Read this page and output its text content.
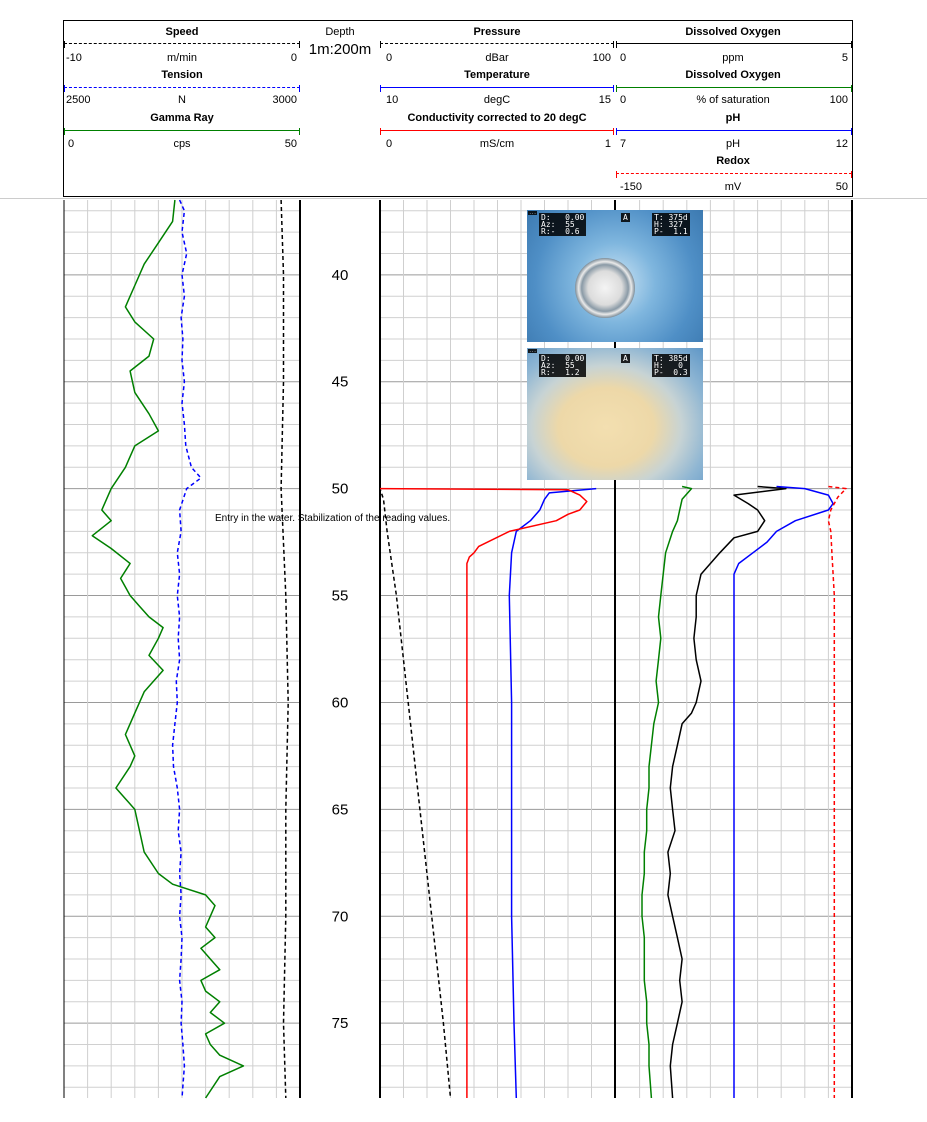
40
45
50
55
60
65
70
75
Speed
-10	m/min	0
Tension
2500	N	3000
Gamma Ray
0	cps	50
Depth
1m:200m
Pressure
0	dBar	100
Temperature
10	degC	15
Conductivity corrected to 20 degC
0	mS/cm	1
Dissolved Oxygen
0	ppm	5
Dissolved Oxygen
0	% of saturation	100
pH
7	pH	12
Redox
-150	mV	50
D:   0.00
Az:  55
R:-  0.6
A	T: 375d
H: 327
P-  1.1
...
D:   0.00
Az:  55
R:-  1.2
A	T: 385d
H:   0
P-  0.3
...
Entry in the water. Stabilization of the reading values.
